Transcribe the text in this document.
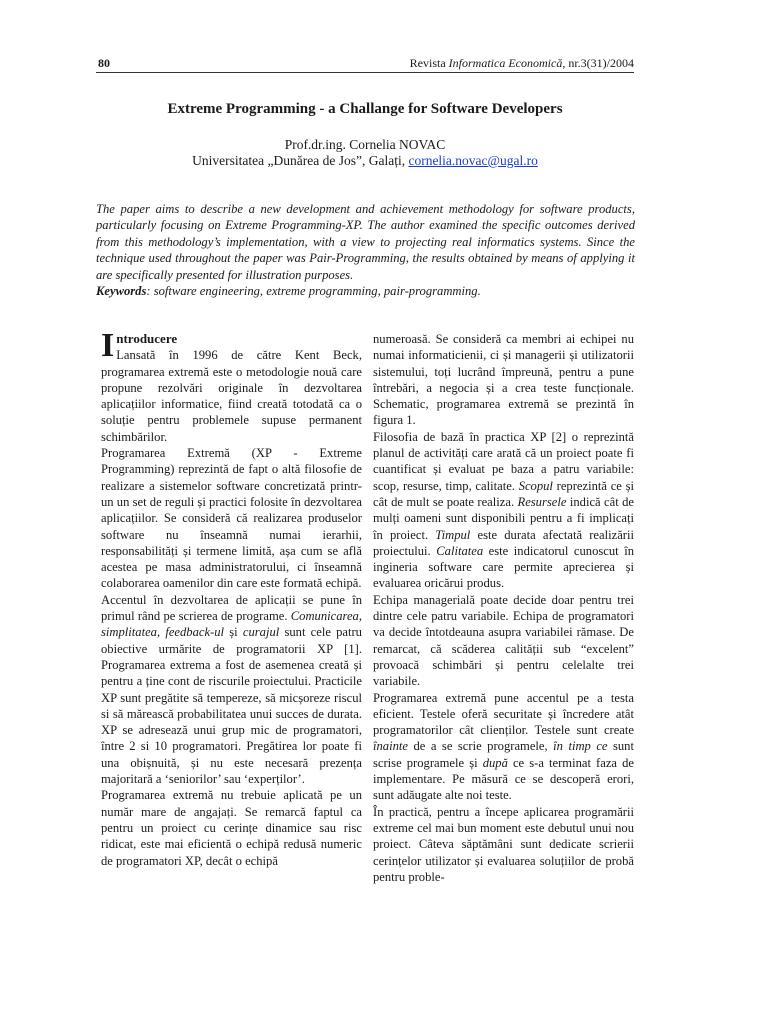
80	Revista Informatica Economică, nr.3(31)/2004
Extreme Programming - a Challange for Software Developers
Prof.dr.ing. Cornelia NOVAC
Universitatea „Dunărea de Jos”, Galați, cornelia.novac@ugal.ro

The paper aims to describe a new development and achievement methodology for software products, particularly focusing on Extreme Programming-XP. The author examined the specific outcomes derived from this methodology’s implementation, with a view to projecting real informatics systems. Since the technique used throughout the paper was Pair-Programming, the results obtained by means of applying it are specifically presented for illustration purposes.

Keywords: software engineering, extreme programming, pair-programming.

I ntroducere

Lansată în 1996 de către Kent Beck, programarea extremă este o metodologie nouă care propune rezolvări originale în dezvoltarea aplicațiilor informatice, fiind creată totodată ca o soluție pentru problemele supuse permanent schimbărilor.

Programarea Extremă (XP - Extreme Programming) reprezintă de fapt o altă filosofie de realizare a sistemelor software concretizată printr-un un set de reguli și practici folosite în dezvoltarea aplicațiilor. Se consideră că realizarea produselor software nu înseamnă numai ierarhii, responsabilități și termene limită, așa cum se află acestea pe masa administratorului, ci înseamnă colaborarea oamenilor din care este formată echipă.

Accentul în dezvoltarea de aplicații se pune în primul rând pe scrierea de programe. Comunicarea, simplitatea, feedback-ul și curajul sunt cele patru obiective urmărite de programatorii XP [1]. Programarea extrema a fost de asemenea creată și pentru a ține cont de riscurile proiectului. Practicile XP sunt pregătite să tempereze, să micșoreze riscul si să mărească probabilitatea unui succes de durata. XP se adresează unui grup mic de programatori, între 2 si 10 programatori. Pregătirea lor poate fi una obișnuită, și nu este necesară prezența majoritară a ‘seniorilor’ sau ‘experților’.

Programarea extremă nu trebuie aplicată pe un număr mare de angajați. Se remarcă faptul ca pentru un proiect cu cerințe dinamice sau risc ridicat, este mai eficientă o echipă redusă numeric de programatori XP, decât o echipă

numeroasă. Se consideră ca membri ai echipei nu numai informaticienii, ci și managerii și utilizatorii sistemului, toți lucrând împreună, pentru a pune întrebări, a negocia și a crea teste funcționale. Schematic, programarea extremă se prezintă în figura 1.

Filosofia de bază în practica XP [2] o reprezintă planul de activități care arată că un proiect poate fi cuantificat și evaluat pe baza a patru variabile: scop, resurse, timp, calitate. Scopul reprezintă ce și cât de mult se poate realiza. Resursele indică cât de mulți oameni sunt disponibili pentru a fi implicați în proiect. Timpul este durata afectată realizării proiectului. Calitatea este indicatorul cunoscut în ingineria software care permite aprecierea și evaluarea oricărui produs.

Echipa managerială poate decide doar pentru trei dintre cele patru variabile. Echipa de programatori va decide întotdeauna asupra variabilei rămase. De remarcat, că scăderea calității sub “excelent” provoacă schimbări și pentru celelalte trei variabile.

Programarea extremă pune accentul pe a testa eficient. Testele oferă securitate și încredere atât programatorilor cât clienților. Testele sunt create înainte de a se scrie programele, în timp ce sunt scrise programele și după ce s-a terminat faza de implementare. Pe măsură ce se descoperă erori, sunt adăugate alte noi teste.

În practică, pentru a începe aplicarea programării extreme cel mai bun moment este debutul unui nou proiect. Câteva săptămâni sunt dedicate scrierii cerințelor utilizator și evaluarea soluțiilor de probă pentru proble-
